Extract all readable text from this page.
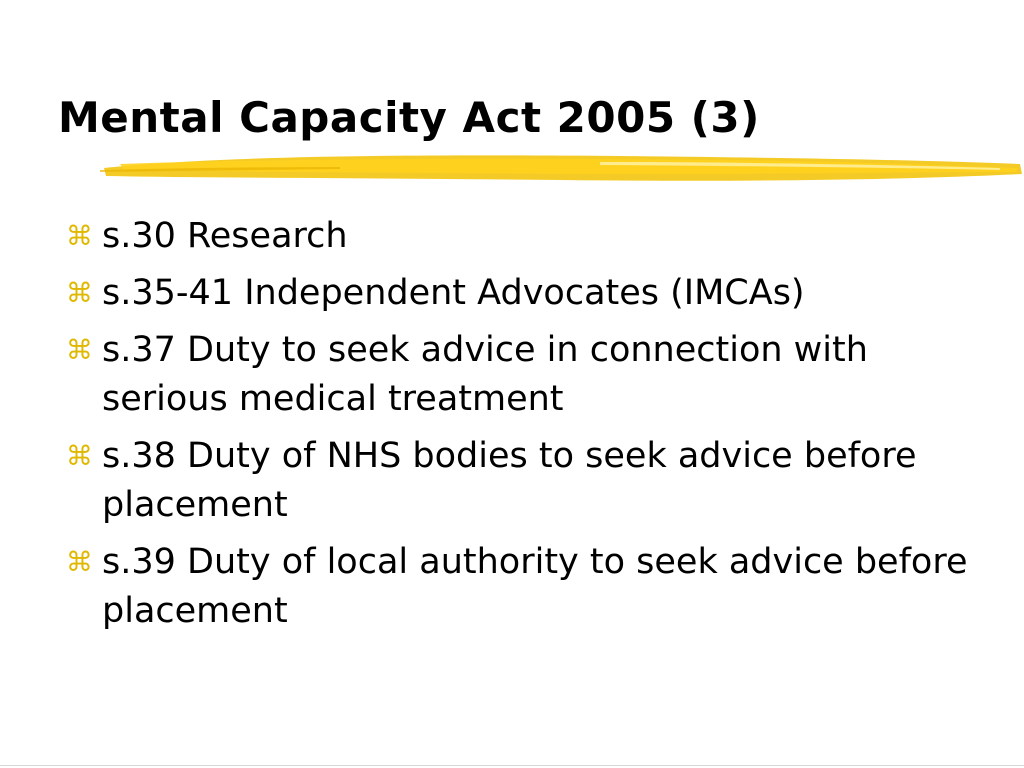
Mental Capacity Act 2005 (3)
⌘ s.30 Research
⌘ s.35-41 Independent Advocates (IMCAs)
⌘ s.37 Duty to seek advice in connection with serious medical treatment
⌘ s.38 Duty of NHS bodies to seek advice before placement
⌘ s.39 Duty of local authority to seek advice before placement
